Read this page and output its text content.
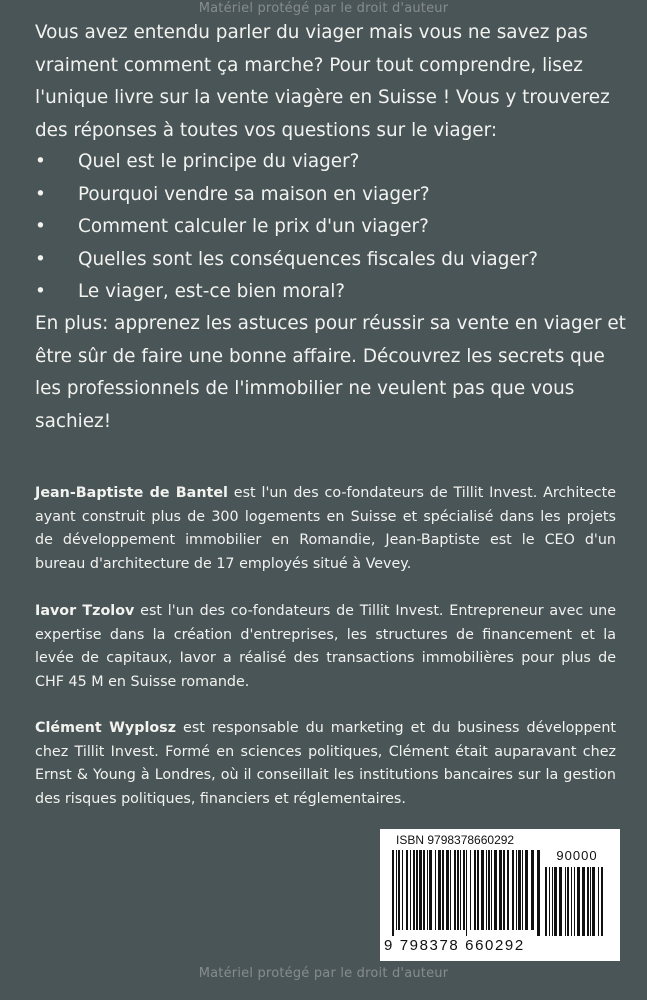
Matériel protégé par le droit d'auteur

Vous avez entendu parler du viager mais vous ne savez pas vraiment comment ça marche? Pour tout comprendre, lisez l'unique livre sur la vente viagère en Suisse ! Vous y trouverez des réponses à toutes vos questions sur le viager:

• Quel est le principe du viager?
• Pourquoi vendre sa maison en viager?
• Comment calculer le prix d'un viager?
• Quelles sont les conséquences fiscales du viager?
• Le viager, est-ce bien moral?

En plus: apprenez les astuces pour réussir sa vente en viager et être sûr de faire une bonne affaire. Découvrez les secrets que les professionnels de l'immobilier ne veulent pas que vous sachiez!

Jean-Baptiste de Bantel est l'un des co-fondateurs de Tillit Invest. Architecte ayant construit plus de 300 logements en Suisse et spécialisé dans les projets de développement immobilier en Romandie, Jean-Baptiste est le CEO d'un bureau d'architecture de 17 employés situé à Vevey.

Iavor Tzolov est l'un des co-fondateurs de Tillit Invest. Entrepreneur avec une expertise dans la création d'entreprises, les structures de financement et la levée de capitaux, Iavor a réalisé des transactions immobilières pour plus de CHF 45 M en Suisse romande.

Clément Wyplosz est responsable du marketing et du business développent chez Tillit Invest. Formé en sciences politiques, Clément était auparavant chez Ernst & Young à Londres, où il conseillait les institutions bancaires sur la gestion des risques politiques, financiers et réglementaires.

ISBN 9798378660292
90000
9 798378 660292
Matériel protégé par le droit d'auteur
